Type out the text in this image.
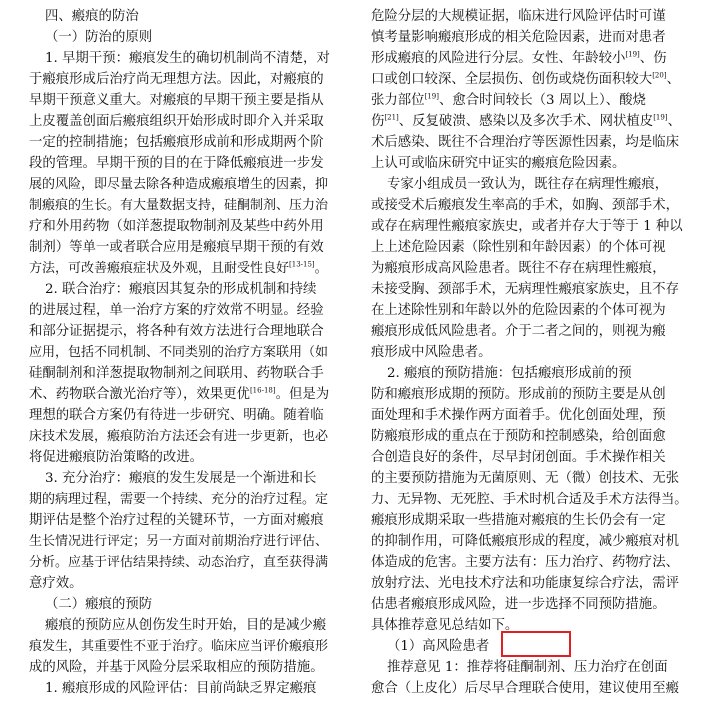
四、瘢痕的防治
（一）防治的原则
1. 早期干预：瘢痕发生的确切机制尚不清楚，对
于瘢痕形成后治疗尚无理想方法。因此，对瘢痕的
早期干预意义重大。对瘢痕的早期干预主要是指从
上皮覆盖创面后瘢痕组织开始形成时即介入并采取
一定的控制措施；包括瘢痕形成前和形成期两个阶
段的管理。早期干预的目的在于降低瘢痕进一步发
展的风险，即尽量去除各种造成瘢痕增生的因素，抑
制瘢痕的生长。有大量数据支持，硅酮制剂、压力治
疗和外用药物（如洋葱提取物制剂及某些中药外用
制剂）等单一或者联合应用是瘢痕早期干预的有效
方法，可改善瘢痕症状及外观，且耐受性良好[13-15]。
2. 联合治疗：瘢痕因其复杂的形成机制和持续
的进展过程，单一治疗方案的疗效常不明显。经验
和部分证据提示，将各种有效方法进行合理地联合
应用，包括不同机制、不同类别的治疗方案联用（如
硅酮制剂和洋葱提取物制剂之间联用、药物联合手
术、药物联合激光治疗等），效果更优[16-18]。但是为
理想的联合方案仍有待进一步研究、明确。随着临
床技术发展，瘢痕防治方法还会有进一步更新，也必
将促进瘢痕防治策略的改进。
3. 充分治疗：瘢痕的发生发展是一个渐进和长
期的病理过程，需要一个持续、充分的治疗过程。定
期评估是整个治疗过程的关键环节，一方面对瘢痕
生长情况进行评定；另一方面对前期治疗进行评估、
分析。应基于评估结果持续、动态治疗，直至获得满
意疗效。
（二）瘢痕的预防
瘢痕的预防应从创伤发生时开始，目的是减少瘢
痕发生，其重要性不亚于治疗。临床应当评价瘢痕形
成的风险，并基于风险分层采取相应的预防措施。
1. 瘢痕形成的风险评估：目前尚缺乏界定瘢痕
危险分层的大规模证据，临床进行风险评估时可谨
慎考量影响瘢痕形成的相关危险因素，进而对患者
形成瘢痕的风险进行分层。女性、年龄较小[19]、伤
口或创口较深、全层损伤、创伤或烧伤面积较大[20]、
张力部位[19]、愈合时间较长（3 周以上）、酸烧
伤[21]、反复破溃、感染以及多次手术、网状植皮[19]、
术后感染、既往不合理治疗等医源性因素，均是临床
上认可或临床研究中证实的瘢痕危险因素。
专家小组成员一致认为，既往存在病理性瘢痕，
或接受术后瘢痕发生率高的手术，如胸、颈部手术，
或存在病理性瘢痕家族史，或者并存大于等于 1 种以
上上述危险因素（除性别和年龄因素）的个体可视
为瘢痕形成高风险患者。既往不存在病理性瘢痕，
未接受胸、颈部手术，无病理性瘢痕家族史，且不存
在上述除性别和年龄以外的危险因素的个体可视为
瘢痕形成低风险患者。介于二者之间的，则视为瘢
痕形成中风险患者。
2. 瘢痕的预防措施：包括瘢痕形成前的预
防和瘢痕形成期的预防。形成前的预防主要是从创
面处理和手术操作两方面着手。优化创面处理，预
防瘢痕形成的重点在于预防和控制感染，给创面愈
合创造良好的条件，尽早封闭创面。手术操作相关
的主要预防措施为无菌原则、无（微）创技术、无张
力、无异物、无死腔、手术时机合适及手术方法得当。
瘢痕形成期采取一些措施对瘢痕的生长仍会有一定
的抑制作用，可降低瘢痕形成的程度，减少瘢痕对机
体造成的危害。主要方法有：压力治疗、药物疗法、
放射疗法、光电技术疗法和功能康复综合疗法，需评
估患者瘢痕形成风险，进一步选择不同预防措施。
具体推荐意见总结如下。
（1）高风险患者
推荐意见 1：推荐将硅酮制剂、压力治疗在创面
愈合（上皮化）后尽早合理联合使用，建议使用至瘢
